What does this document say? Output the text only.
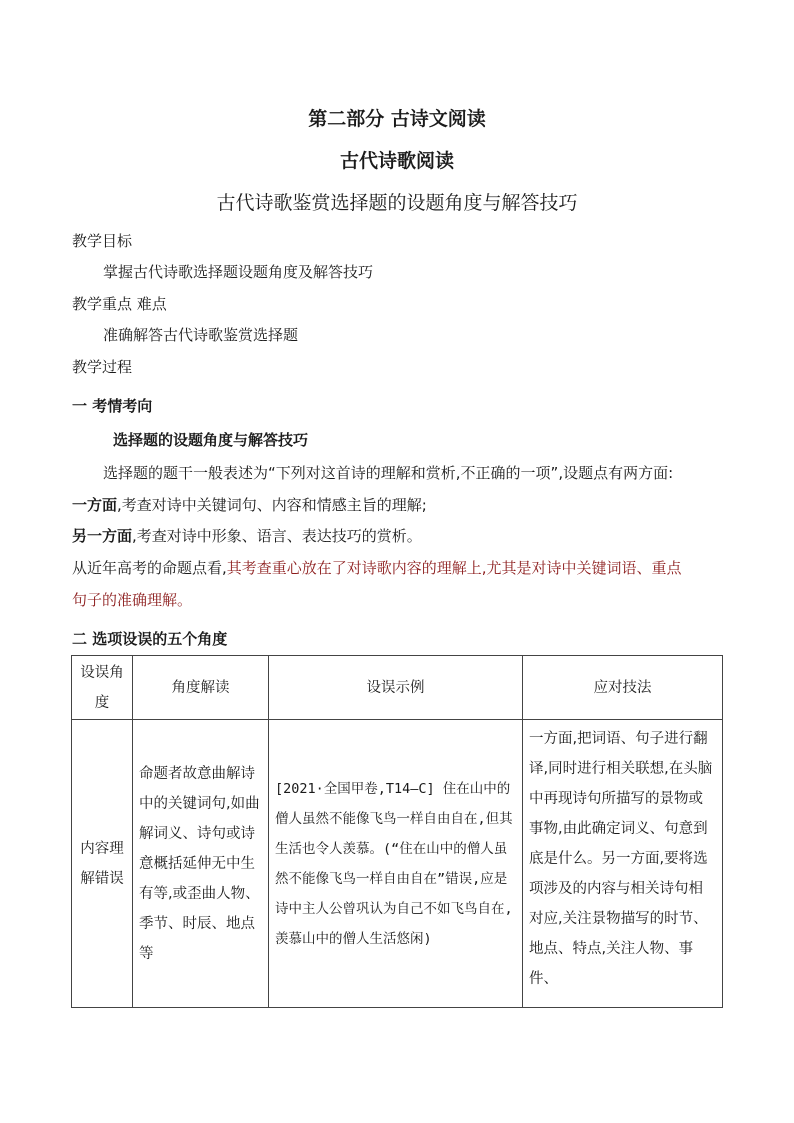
第二部分 古诗文阅读
古代诗歌阅读
古代诗歌鉴赏选择题的设题角度与解答技巧
教学目标
掌握古代诗歌选择题设题角度及解答技巧
教学重点 难点
准确解答古代诗歌鉴赏选择题
教学过程
一 考情考向
选择题的设题角度与解答技巧
选择题的题干一般表述为“下列对这首诗的理解和赏析,不正确的一项”,设题点有两方面:
一方面,考查对诗中关键词句、内容和情感主旨的理解;
另一方面,考查对诗中形象、语言、表达技巧的赏析。
从近年高考的命题点看,其考查重心放在了对诗歌内容的理解上,尤其是对诗中关键词语、重点
句子的准确理解。
二 选项设误的五个角度
设误角度	角度解读	设误示例	应对技法

内容理解错误	命题者故意曲解诗中的关键词句,如曲解词义、诗句或诗意概括延伸无中生有等,或歪曲人物、季节、时辰、地点等	[2021·全国甲卷,T14—C] 住在山中的僧人虽然不能像飞鸟一样自由自在,但其生活也令人羡慕。(“住在山中的僧人虽然不能像飞鸟一样自由自在”错误,应是诗中主人公曾巩认为自己不如飞鸟自在,羡慕山中的僧人生活悠闲)	一方面,把词语、句子进行翻译,同时进行相关联想,在头脑中再现诗句所描写的景物或事物,由此确定词义、句意到底是什么。另一方面,要将选项涉及的内容与相关诗句相对应,关注景物描写的时节、地点、特点,关注人物、事件、
